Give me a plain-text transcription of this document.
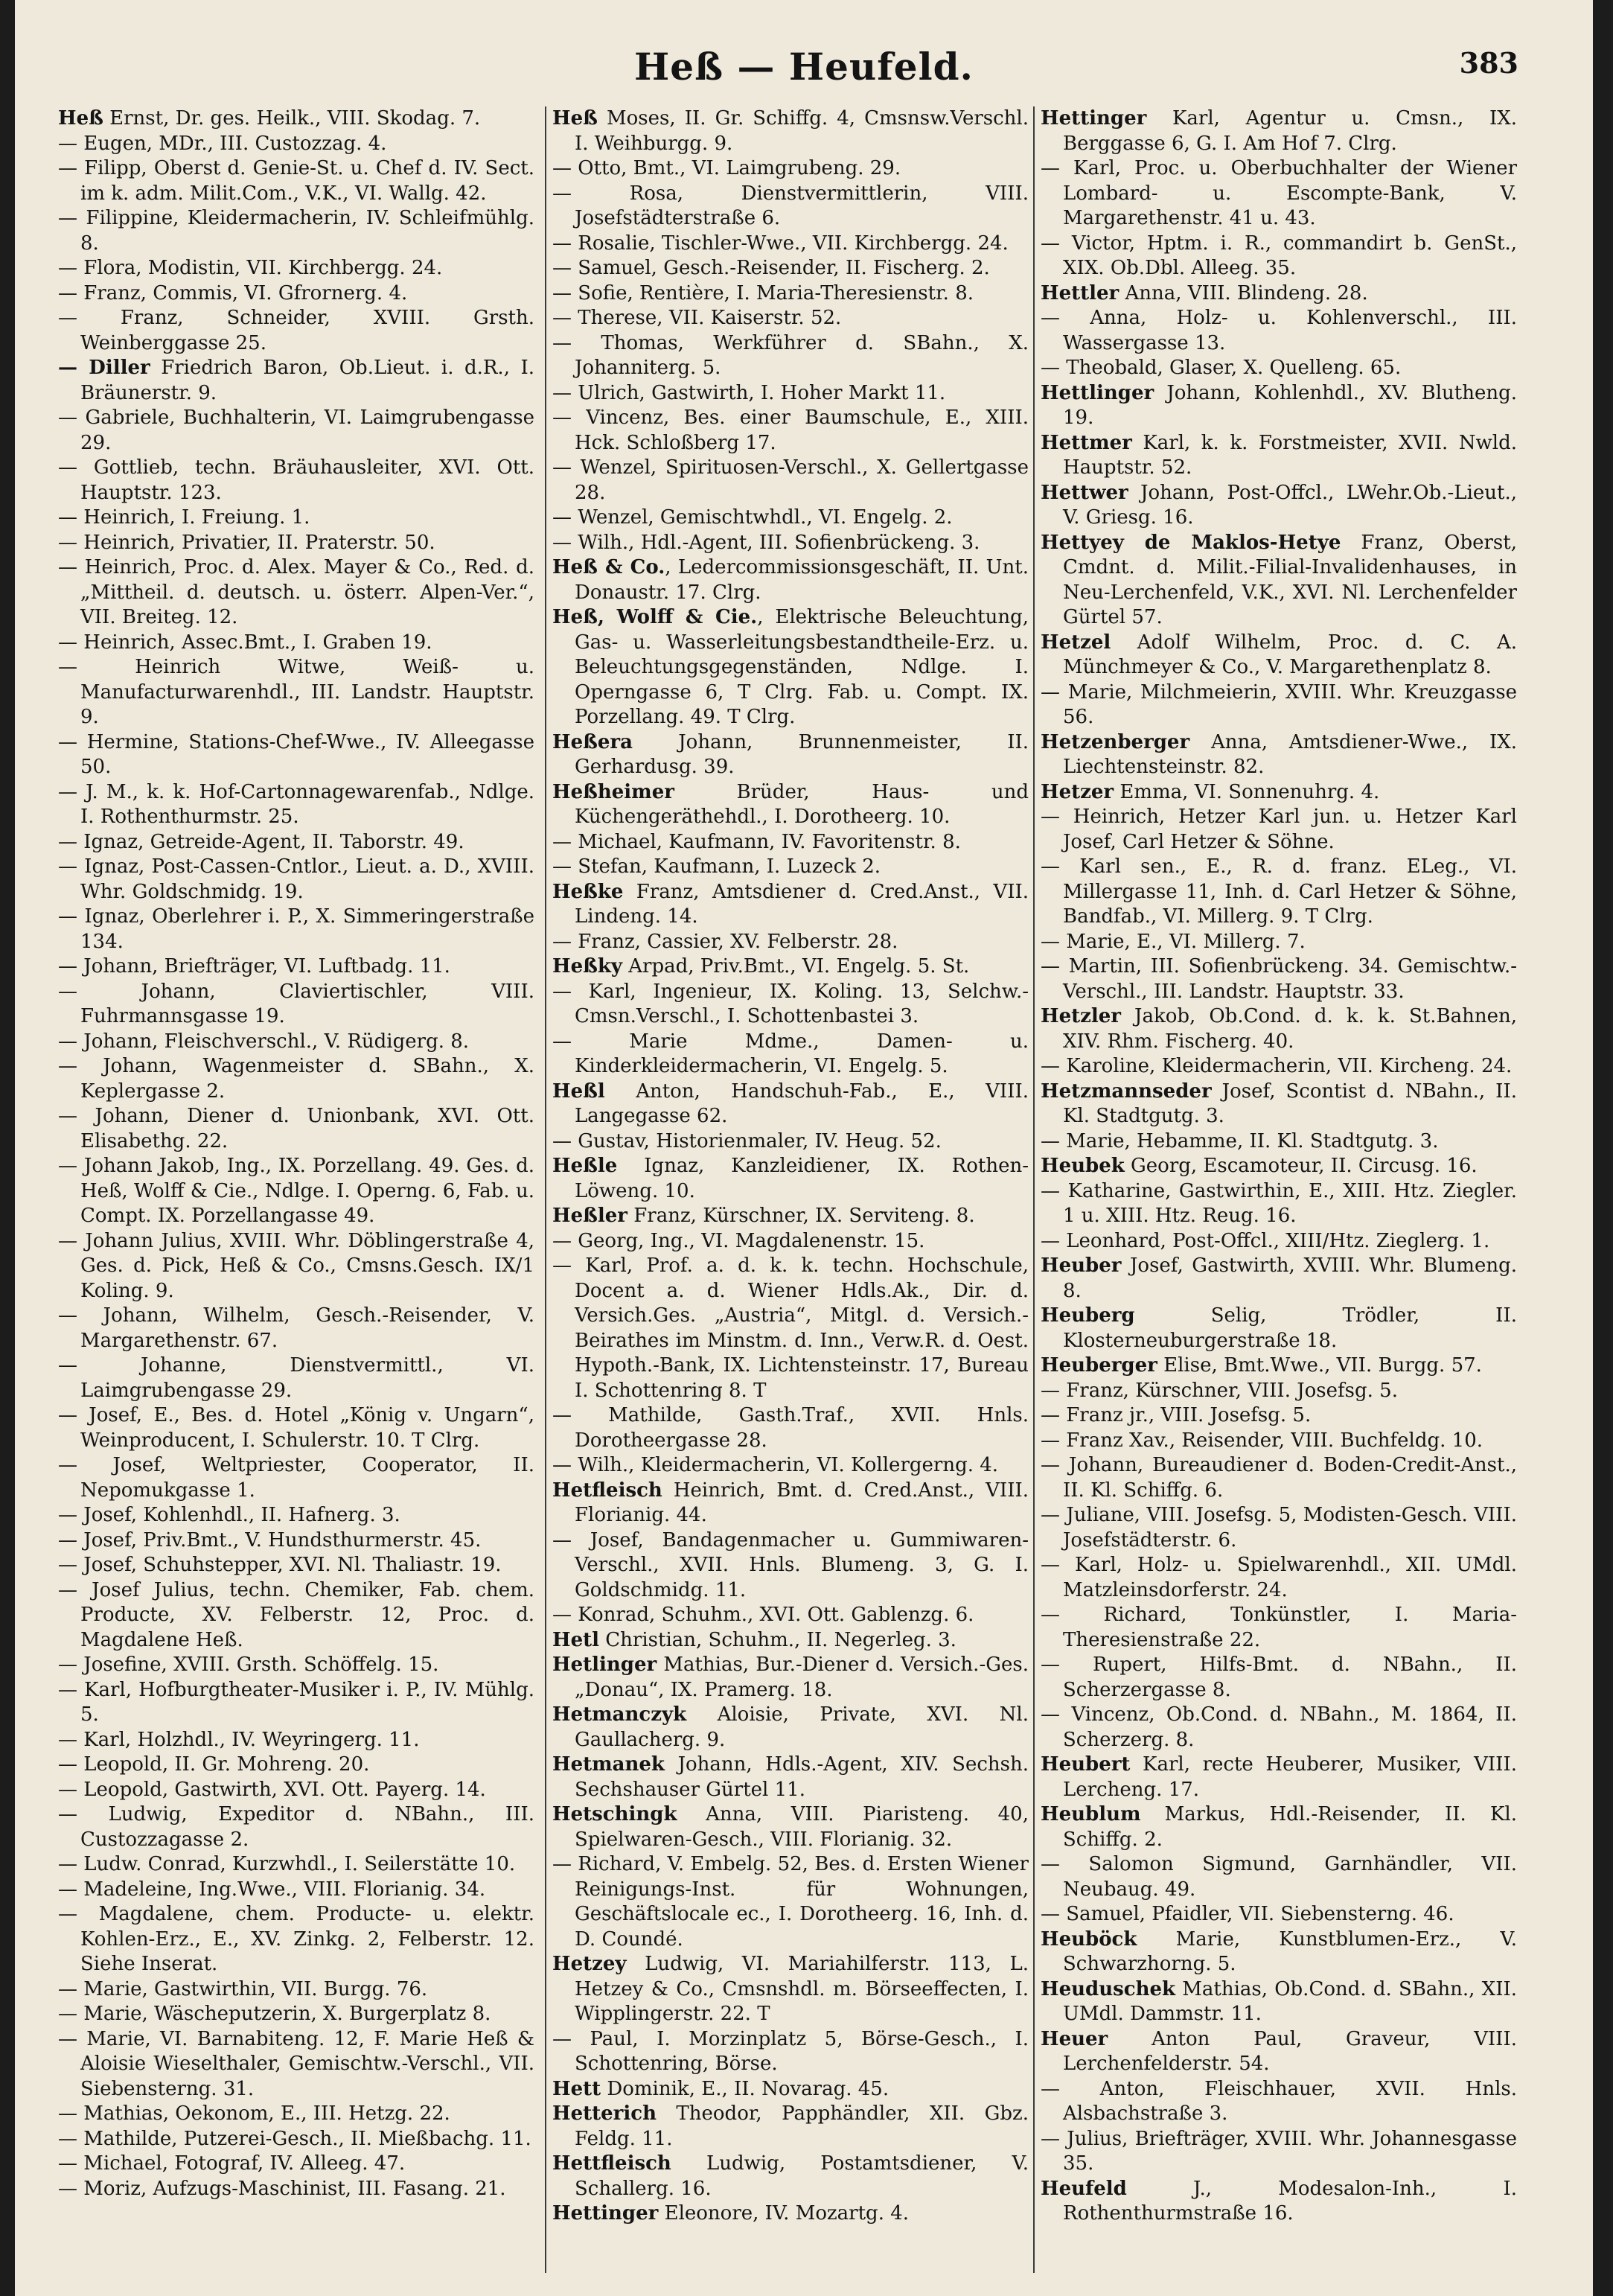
Heß — Heufeld.	383

Heß Ernst, Dr. ges. Heilk., VIII. Skodag. 7.

— Eugen, MDr., III. Custozzag. 4.

— Filipp, Oberst d. Genie-St. u. Chef d. IV. Sect. im k. adm. Milit.Com., V.K., VI. Wallg. 42.

— Filippine, Kleidermacherin, IV. Schleifmühlg. 8.

— Flora, Modistin, VII. Kirchbergg. 24.

— Franz, Commis, VI. Gfrornerg. 4.

— Franz, Schneider, XVIII. Grsth. Weinberggasse 25.

— Diller Friedrich Baron, Ob.Lieut. i. d.R., I. Bräunerstr. 9.

— Gabriele, Buchhalterin, VI. Laimgrubengasse 29.

— Gottlieb, techn. Bräuhausleiter, XVI. Ott. Hauptstr. 123.

— Heinrich, I. Freiung. 1.

— Heinrich, Privatier, II. Praterstr. 50.

— Heinrich, Proc. d. Alex. Mayer & Co., Red. d. „Mittheil. d. deutsch. u. österr. Alpen-Ver.“, VII. Breiteg. 12.

— Heinrich, Assec.Bmt., I. Graben 19.

— Heinrich Witwe, Weiß- u. Manufacturwarenhdl., III. Landstr. Hauptstr. 9.

— Hermine, Stations-Chef-Wwe., IV. Alleegasse 50.

— J. M., k. k. Hof-Cartonnagewarenfab., Ndlge. I. Rothenthurmstr. 25.

— Ignaz, Getreide-Agent, II. Taborstr. 49.

— Ignaz, Post-Cassen-Cntlor., Lieut. a. D., XVIII. Whr. Goldschmidg. 19.

— Ignaz, Oberlehrer i. P., X. Simmeringerstraße 134.

— Johann, Briefträger, VI. Luftbadg. 11.

— Johann, Claviertischler, VIII. Fuhrmannsgasse 19.

— Johann, Fleischverschl., V. Rüdigerg. 8.

— Johann, Wagenmeister d. SBahn., X. Keplergasse 2.

— Johann, Diener d. Unionbank, XVI. Ott. Elisabethg. 22.

— Johann Jakob, Ing., IX. Porzellang. 49. Ges. d. Heß, Wolff & Cie., Ndlge. I. Operng. 6, Fab. u. Compt. IX. Porzellangasse 49.

— Johann Julius, XVIII. Whr. Döblingerstraße 4, Ges. d. Pick, Heß & Co., Cmsns.Gesch. IX/1 Koling. 9.

— Johann, Wilhelm, Gesch.-Reisender, V. Margarethenstr. 67.

— Johanne, Dienstvermittl., VI. Laimgrubengasse 29.

— Josef, E., Bes. d. Hotel „König v. Ungarn“, Weinproducent, I. Schulerstr. 10. T Clrg.

— Josef, Weltpriester, Cooperator, II. Nepomukgasse 1.

— Josef, Kohlenhdl., II. Hafnerg. 3.

— Josef, Priv.Bmt., V. Hundsthurmerstr. 45.

— Josef, Schuhstepper, XVI. Nl. Thaliastr. 19.

— Josef Julius, techn. Chemiker, Fab. chem. Producte, XV. Felberstr. 12, Proc. d. Magdalene Heß.

— Josefine, XVIII. Grsth. Schöffelg. 15.

— Karl, Hofburgtheater-Musiker i. P., IV. Mühlg. 5.

— Karl, Holzhdl., IV. Weyringerg. 11.

— Leopold, II. Gr. Mohreng. 20.

— Leopold, Gastwirth, XVI. Ott. Payerg. 14.

— Ludwig, Expeditor d. NBahn., III. Custozzagasse 2.

— Ludw. Conrad, Kurzwhdl., I. Seilerstätte 10.

— Madeleine, Ing.Wwe., VIII. Florianig. 34.

— Magdalene, chem. Producte- u. elektr. Kohlen-Erz., E., XV. Zinkg. 2, Felberstr. 12. Siehe Inserat.

— Marie, Gastwirthin, VII. Burgg. 76.

— Marie, Wäscheputzerin, X. Burgerplatz 8.

— Marie, VI. Barnabiteng. 12, F. Marie Heß & Aloisie Wieselthaler, Gemischtw.-Verschl., VII. Siebensterng. 31.

— Mathias, Oekonom, E., III. Hetzg. 22.

— Mathilde, Putzerei-Gesch., II. Mießbachg. 11.

— Michael, Fotograf, IV. Alleeg. 47.

— Moriz, Aufzugs-Maschinist, III. Fasang. 21.

Heß Moses, II. Gr. Schiffg. 4, Cmsnsw.Verschl. I. Weihburgg. 9.

— Otto, Bmt., VI. Laimgrubeng. 29.

— Rosa, Dienstvermittlerin, VIII. Josefstädterstraße 6.

— Rosalie, Tischler-Wwe., VII. Kirchbergg. 24.

— Samuel, Gesch.-Reisender, II. Fischerg. 2.

— Sofie, Rentière, I. Maria-Theresienstr. 8.

— Therese, VII. Kaiserstr. 52.

— Thomas, Werkführer d. SBahn., X. Johanniterg. 5.

— Ulrich, Gastwirth, I. Hoher Markt 11.

— Vincenz, Bes. einer Baumschule, E., XIII. Hck. Schloßberg 17.

— Wenzel, Spirituosen-Verschl., X. Gellertgasse 28.

— Wenzel, Gemischtwhdl., VI. Engelg. 2.

— Wilh., Hdl.-Agent, III. Sofienbrückeng. 3.

Heß & Co., Ledercommissionsgeschäft, II. Unt. Donaustr. 17. Clrg.

Heß, Wolff & Cie., Elektrische Beleuchtung, Gas- u. Wasserleitungsbestandtheile-Erz. u. Beleuchtungsgegenständen, Ndlge. I. Operngasse 6, T Clrg. Fab. u. Compt. IX. Porzellang. 49. T Clrg.

Heßera Johann, Brunnenmeister, II. Gerhardusg. 39.

Heßheimer Brüder, Haus- und Küchengeräthehdl., I. Dorotheerg. 10.

— Michael, Kaufmann, IV. Favoritenstr. 8.

— Stefan, Kaufmann, I. Luzeck 2.

Heßke Franz, Amtsdiener d. Cred.Anst., VII. Lindeng. 14.

— Franz, Cassier, XV. Felberstr. 28.

Heßky Arpad, Priv.Bmt., VI. Engelg. 5. St.

— Karl, Ingenieur, IX. Koling. 13, Selchw.-Cmsn.Verschl., I. Schottenbastei 3.

— Marie Mdme., Damen- u. Kinderkleidermacherin, VI. Engelg. 5.

Heßl Anton, Handschuh-Fab., E., VIII. Langegasse 62.

— Gustav, Historienmaler, IV. Heug. 52.

Heßle Ignaz, Kanzleidiener, IX. Rothen-Löweng. 10.

Heßler Franz, Kürschner, IX. Serviteng. 8.

— Georg, Ing., VI. Magdalenenstr. 15.

— Karl, Prof. a. d. k. k. techn. Hochschule, Docent a. d. Wiener Hdls.Ak., Dir. d. Versich.Ges. „Austria“, Mitgl. d. Versich.-Beirathes im Minstm. d. Inn., Verw.R. d. Oest. Hypoth.-Bank, IX. Lichtensteinstr. 17, Bureau I. Schottenring 8. T

— Mathilde, Gasth.Traf., XVII. Hnls. Dorotheergasse 28.

— Wilh., Kleidermacherin, VI. Kollergerng. 4.

Hetfleisch Heinrich, Bmt. d. Cred.Anst., VIII. Florianig. 44.

— Josef, Bandagenmacher u. Gummiwaren-Verschl., XVII. Hnls. Blumeng. 3, G. I. Goldschmidg. 11.

— Konrad, Schuhm., XVI. Ott. Gablenzg. 6.

Hetl Christian, Schuhm., II. Negerleg. 3.

Hetlinger Mathias, Bur.-Diener d. Versich.-Ges. „Donau“, IX. Pramerg. 18.

Hetmanczyk Aloisie, Private, XVI. Nl. Gaullacherg. 9.

Hetmanek Johann, Hdls.-Agent, XIV. Sechsh. Sechshauser Gürtel 11.

Hetschingk Anna, VIII. Piaristeng. 40, Spielwaren-Gesch., VIII. Florianig. 32.

— Richard, V. Embelg. 52, Bes. d. Ersten Wiener Reinigungs-Inst. für Wohnungen, Geschäftslocale ec., I. Dorotheerg. 16, Inh. d. D. Coundé.

Hetzey Ludwig, VI. Mariahilferstr. 113, L. Hetzey & Co., Cmsnshdl. m. Börseeffecten, I. Wipplingerstr. 22. T

— Paul, I. Morzinplatz 5, Börse-Gesch., I. Schottenring, Börse.

Hett Dominik, E., II. Novarag. 45.

Hetterich Theodor, Papphändler, XII. Gbz. Feldg. 11.

Hettfleisch Ludwig, Postamtsdiener, V. Schallerg. 16.

Hettinger Eleonore, IV. Mozartg. 4.

Hettinger Karl, Agentur u. Cmsn., IX. Berggasse 6, G. I. Am Hof 7. Clrg.

— Karl, Proc. u. Oberbuchhalter der Wiener Lombard- u. Escompte-Bank, V. Margarethenstr. 41 u. 43.

— Victor, Hptm. i. R., commandirt b. GenSt., XIX. Ob.Dbl. Alleeg. 35.

Hettler Anna, VIII. Blindeng. 28.

— Anna, Holz- u. Kohlenverschl., III. Wassergasse 13.

— Theobald, Glaser, X. Quelleng. 65.

Hettlinger Johann, Kohlenhdl., XV. Blutheng. 19.

Hettmer Karl, k. k. Forstmeister, XVII. Nwld. Hauptstr. 52.

Hettwer Johann, Post-Offcl., LWehr.Ob.-Lieut., V. Griesg. 16.

Hettyey de Maklos-Hetye Franz, Oberst, Cmdnt. d. Milit.-Filial-Invalidenhauses, in Neu-Lerchenfeld, V.K., XVI. Nl. Lerchenfelder Gürtel 57.

Hetzel Adolf Wilhelm, Proc. d. C. A. Münchmeyer & Co., V. Margarethenplatz 8.

— Marie, Milchmeierin, XVIII. Whr. Kreuzgasse 56.

Hetzenberger Anna, Amtsdiener-Wwe., IX. Liechtensteinstr. 82.

Hetzer Emma, VI. Sonnenuhrg. 4.

— Heinrich, Hetzer Karl jun. u. Hetzer Karl Josef, Carl Hetzer & Söhne.

— Karl sen., E., R. d. franz. ELeg., VI. Millergasse 11, Inh. d. Carl Hetzer & Söhne, Bandfab., VI. Millerg. 9. T Clrg.

— Marie, E., VI. Millerg. 7.

— Martin, III. Sofienbrückeng. 34. Gemischtw.-Verschl., III. Landstr. Hauptstr. 33.

Hetzler Jakob, Ob.Cond. d. k. k. St.Bahnen, XIV. Rhm. Fischerg. 40.

— Karoline, Kleidermacherin, VII. Kircheng. 24.

Hetzmannseder Josef, Scontist d. NBahn., II. Kl. Stadtgutg. 3.

— Marie, Hebamme, II. Kl. Stadtgutg. 3.

Heubek Georg, Escamoteur, II. Circusg. 16.

— Katharine, Gastwirthin, E., XIII. Htz. Ziegler. 1 u. XIII. Htz. Reug. 16.

— Leonhard, Post-Offcl., XIII/Htz. Zieglerg. 1.

Heuber Josef, Gastwirth, XVIII. Whr. Blumeng. 8.

Heuberg Selig, Trödler, II. Klosterneuburgerstraße 18.

Heuberger Elise, Bmt.Wwe., VII. Burgg. 57.

— Franz, Kürschner, VIII. Josefsg. 5.

— Franz jr., VIII. Josefsg. 5.

— Franz Xav., Reisender, VIII. Buchfeldg. 10.

— Johann, Bureaudiener d. Boden-Credit-Anst., II. Kl. Schiffg. 6.

— Juliane, VIII. Josefsg. 5, Modisten-Gesch. VIII. Josefstädterstr. 6.

— Karl, Holz- u. Spielwarenhdl., XII. UMdl. Matzleinsdorferstr. 24.

— Richard, Tonkünstler, I. Maria-Theresienstraße 22.

— Rupert, Hilfs-Bmt. d. NBahn., II. Scherzergasse 8.

— Vincenz, Ob.Cond. d. NBahn., M. 1864, II. Scherzerg. 8.

Heubert Karl, recte Heuberer, Musiker, VIII. Lercheng. 17.

Heublum Markus, Hdl.-Reisender, II. Kl. Schiffg. 2.

— Salomon Sigmund, Garnhändler, VII. Neubaug. 49.

— Samuel, Pfaidler, VII. Siebensterng. 46.

Heuböck Marie, Kunstblumen-Erz., V. Schwarzhorng. 5.

Heuduschek Mathias, Ob.Cond. d. SBahn., XII. UMdl. Dammstr. 11.

Heuer Anton Paul, Graveur, VIII. Lerchenfelderstr. 54.

— Anton, Fleischhauer, XVII. Hnls. Alsbachstraße 3.

— Julius, Briefträger, XVIII. Whr. Johannesgasse 35.

Heufeld J., Modesalon-Inh., I. Rothenthurmstraße 16.
